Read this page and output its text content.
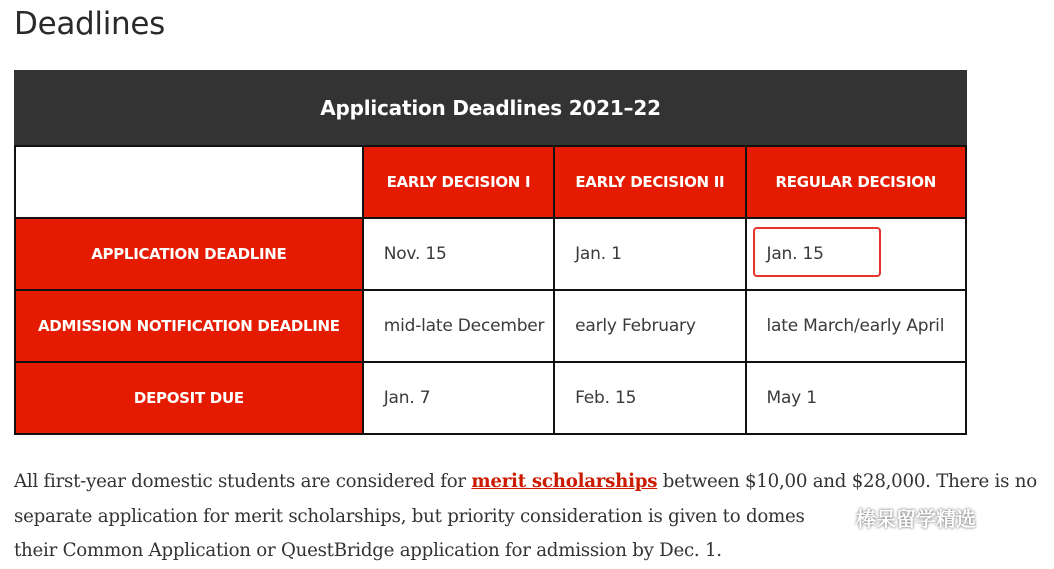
Deadlines
Application Deadlines 2021–22
	EARLY DECISION I	EARLY DECISION II	REGULAR DECISION
APPLICATION DEADLINE	Nov. 15	Jan. 1	Jan. 15
ADMISSION NOTIFICATION DEADLINE	mid-late December	early February	late March/early April
DEPOSIT DUE	Jan. 7	Feb. 15	May 1
All first-year domestic students are considered for merit scholarships between $10,00 and $28,000. There is no
separate application for merit scholarships, but priority consideration is given to domes
their Common Application or QuestBridge application for admission by Dec. 1.
棒呆留学精选
